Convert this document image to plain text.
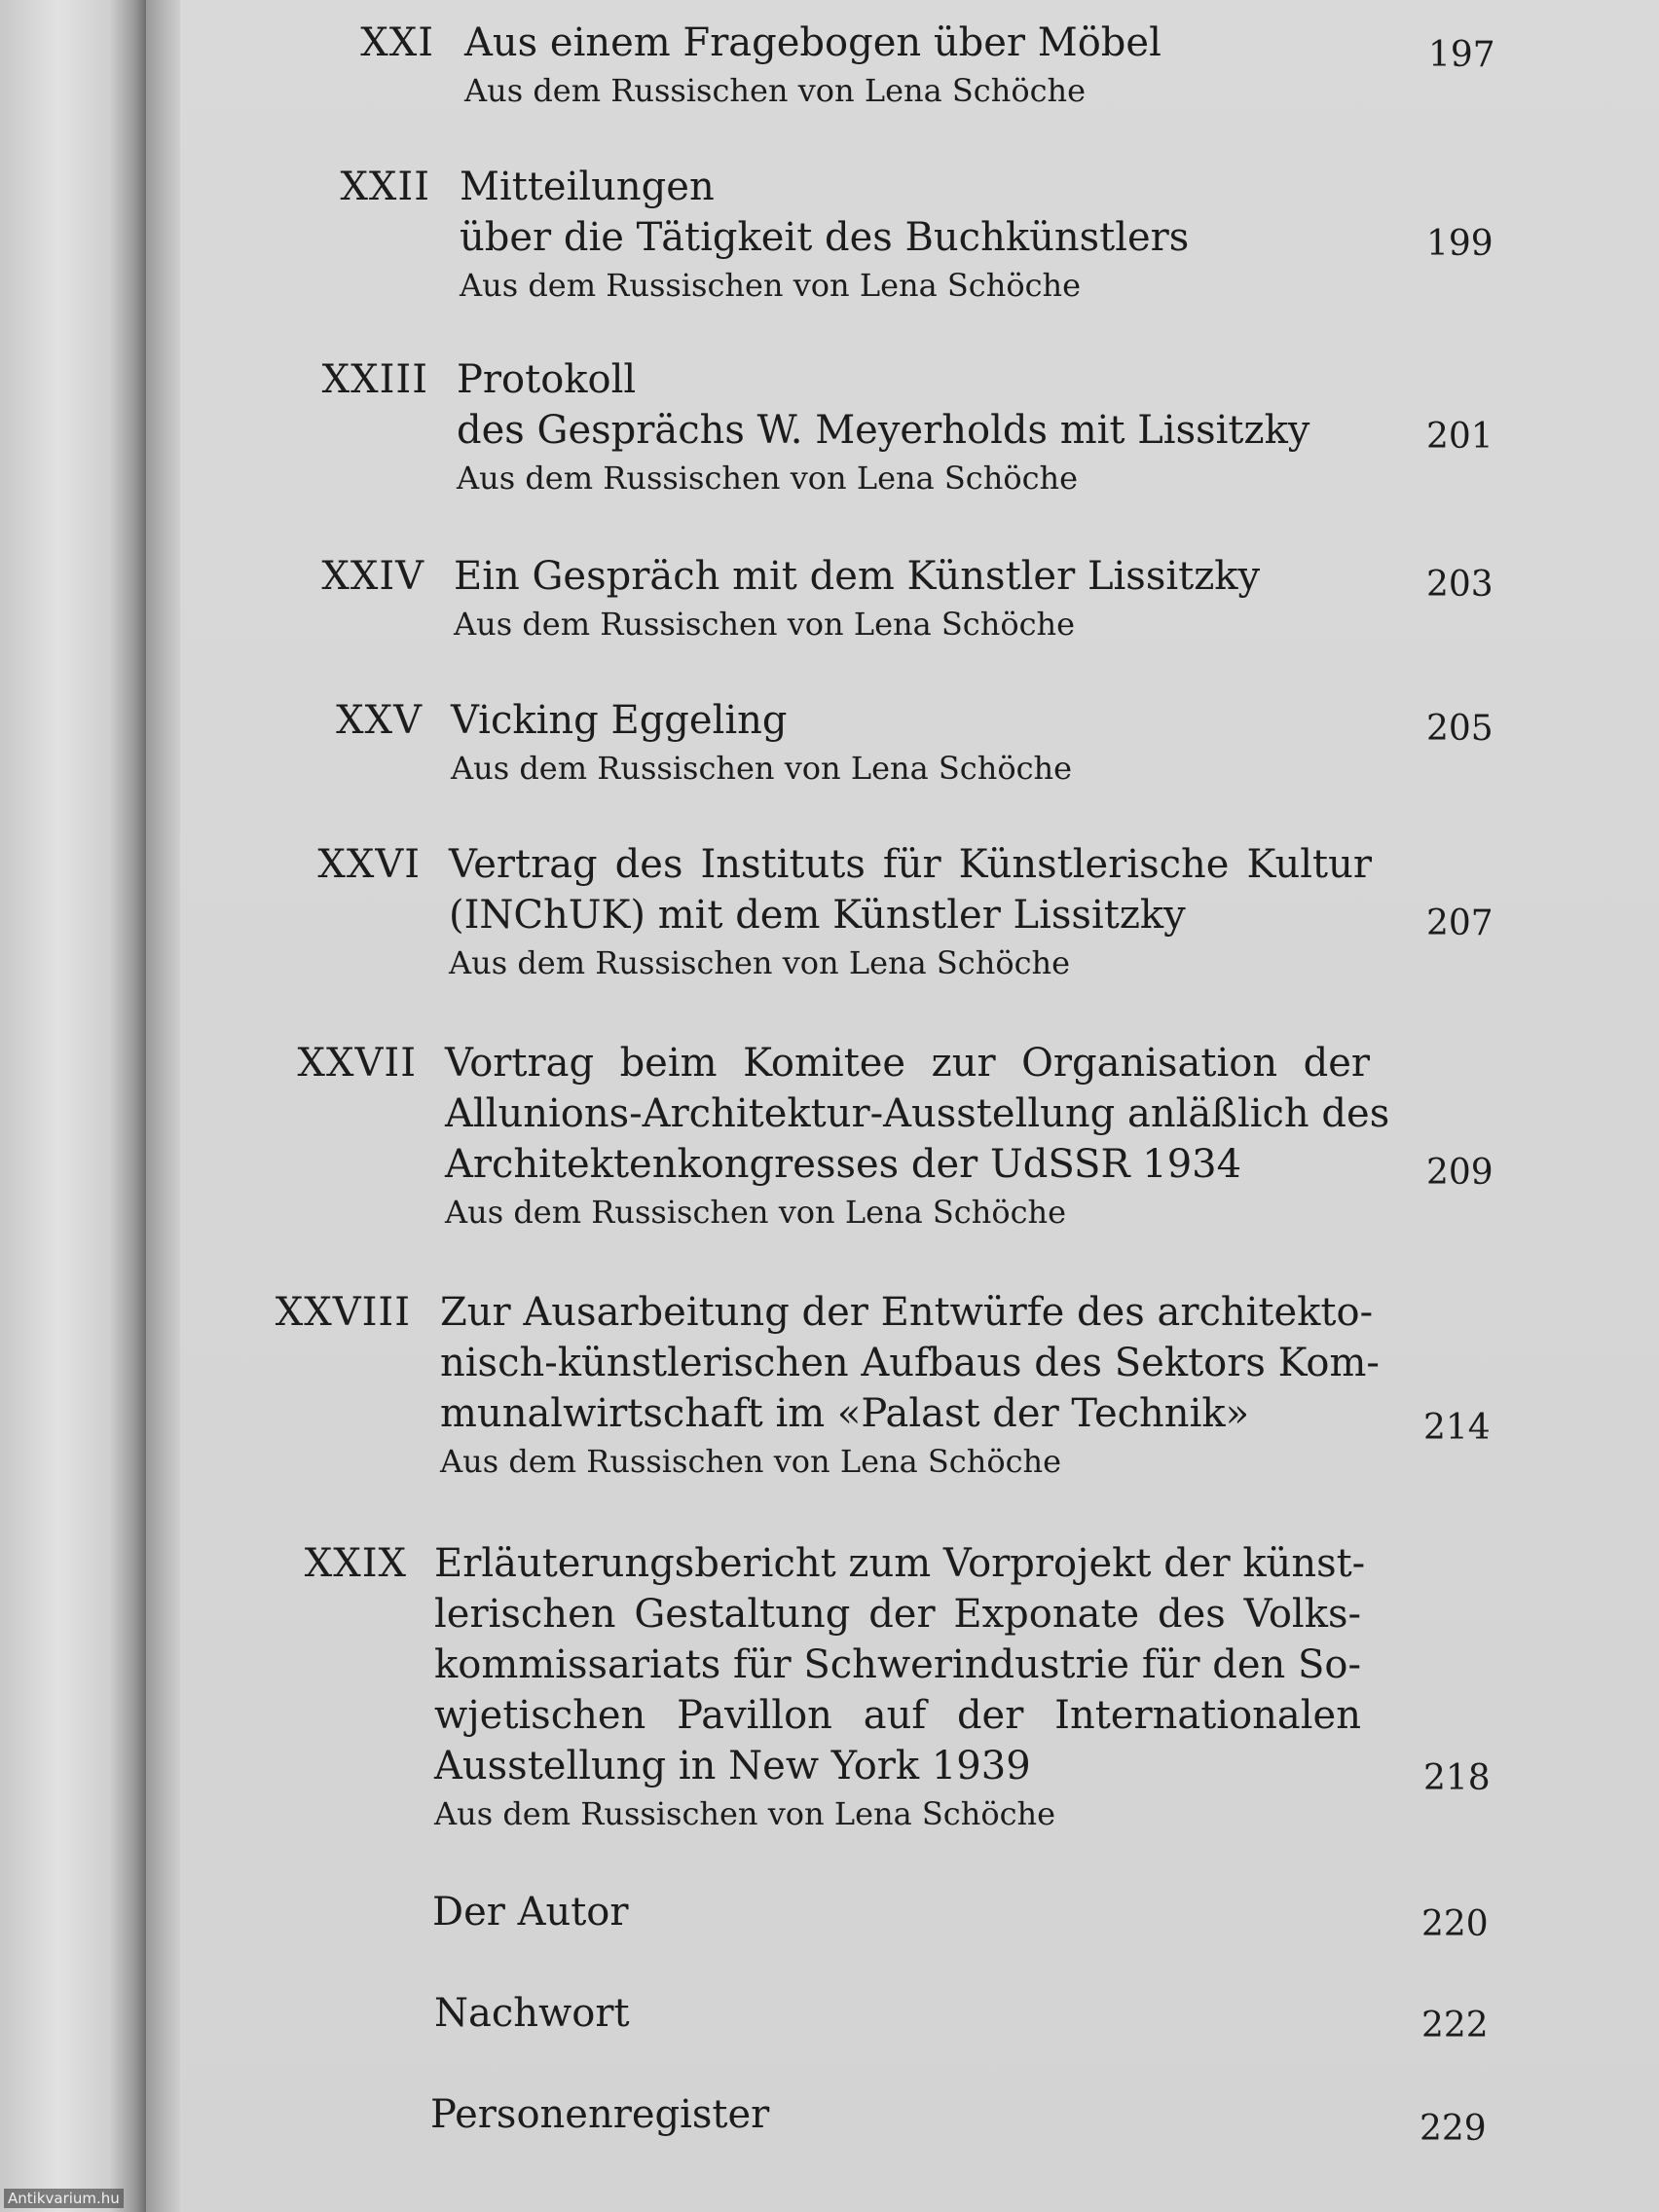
XXI Aus einem Fragebogen über Möbel
Aus dem Russischen von Lena Schöche
197
XXII Mitteilungen
über die Tätigkeit des Buchkünstlers
Aus dem Russischen von Lena Schöche
199
XXIII Protokoll
des Gesprächs W. Meyerholds mit Lissitzky
Aus dem Russischen von Lena Schöche
201
XXIV Ein Gespräch mit dem Künstler Lissitzky
Aus dem Russischen von Lena Schöche
203
XXV Vicking Eggeling
Aus dem Russischen von Lena Schöche
205
XXVI Vertrag des Instituts für Künstlerische Kultur
(INChUK) mit dem Künstler Lissitzky
Aus dem Russischen von Lena Schöche
207
XXVII Vortrag beim Komitee zur Organisation der
Allunions-Architektur-Ausstellung anläßlich des
Architektenkongresses der UdSSR 1934
Aus dem Russischen von Lena Schöche
209
XXVIII Zur Ausarbeitung der Entwürfe des architekto-
nisch-künstlerischen Aufbaus des Sektors Kom-
munalwirtschaft im «Palast der Technik»
Aus dem Russischen von Lena Schöche
214
XXIX Erläuterungsbericht zum Vorprojekt der künst-
lerischen Gestaltung der Exponate des Volks-
kommissariats für Schwerindustrie für den So-
wjetischen Pavillon auf der Internationalen
Ausstellung in New York 1939
Aus dem Russischen von Lena Schöche
218
Der Autor	220
Nachwort	222
Personenregister	229
Antikvarium.hu
